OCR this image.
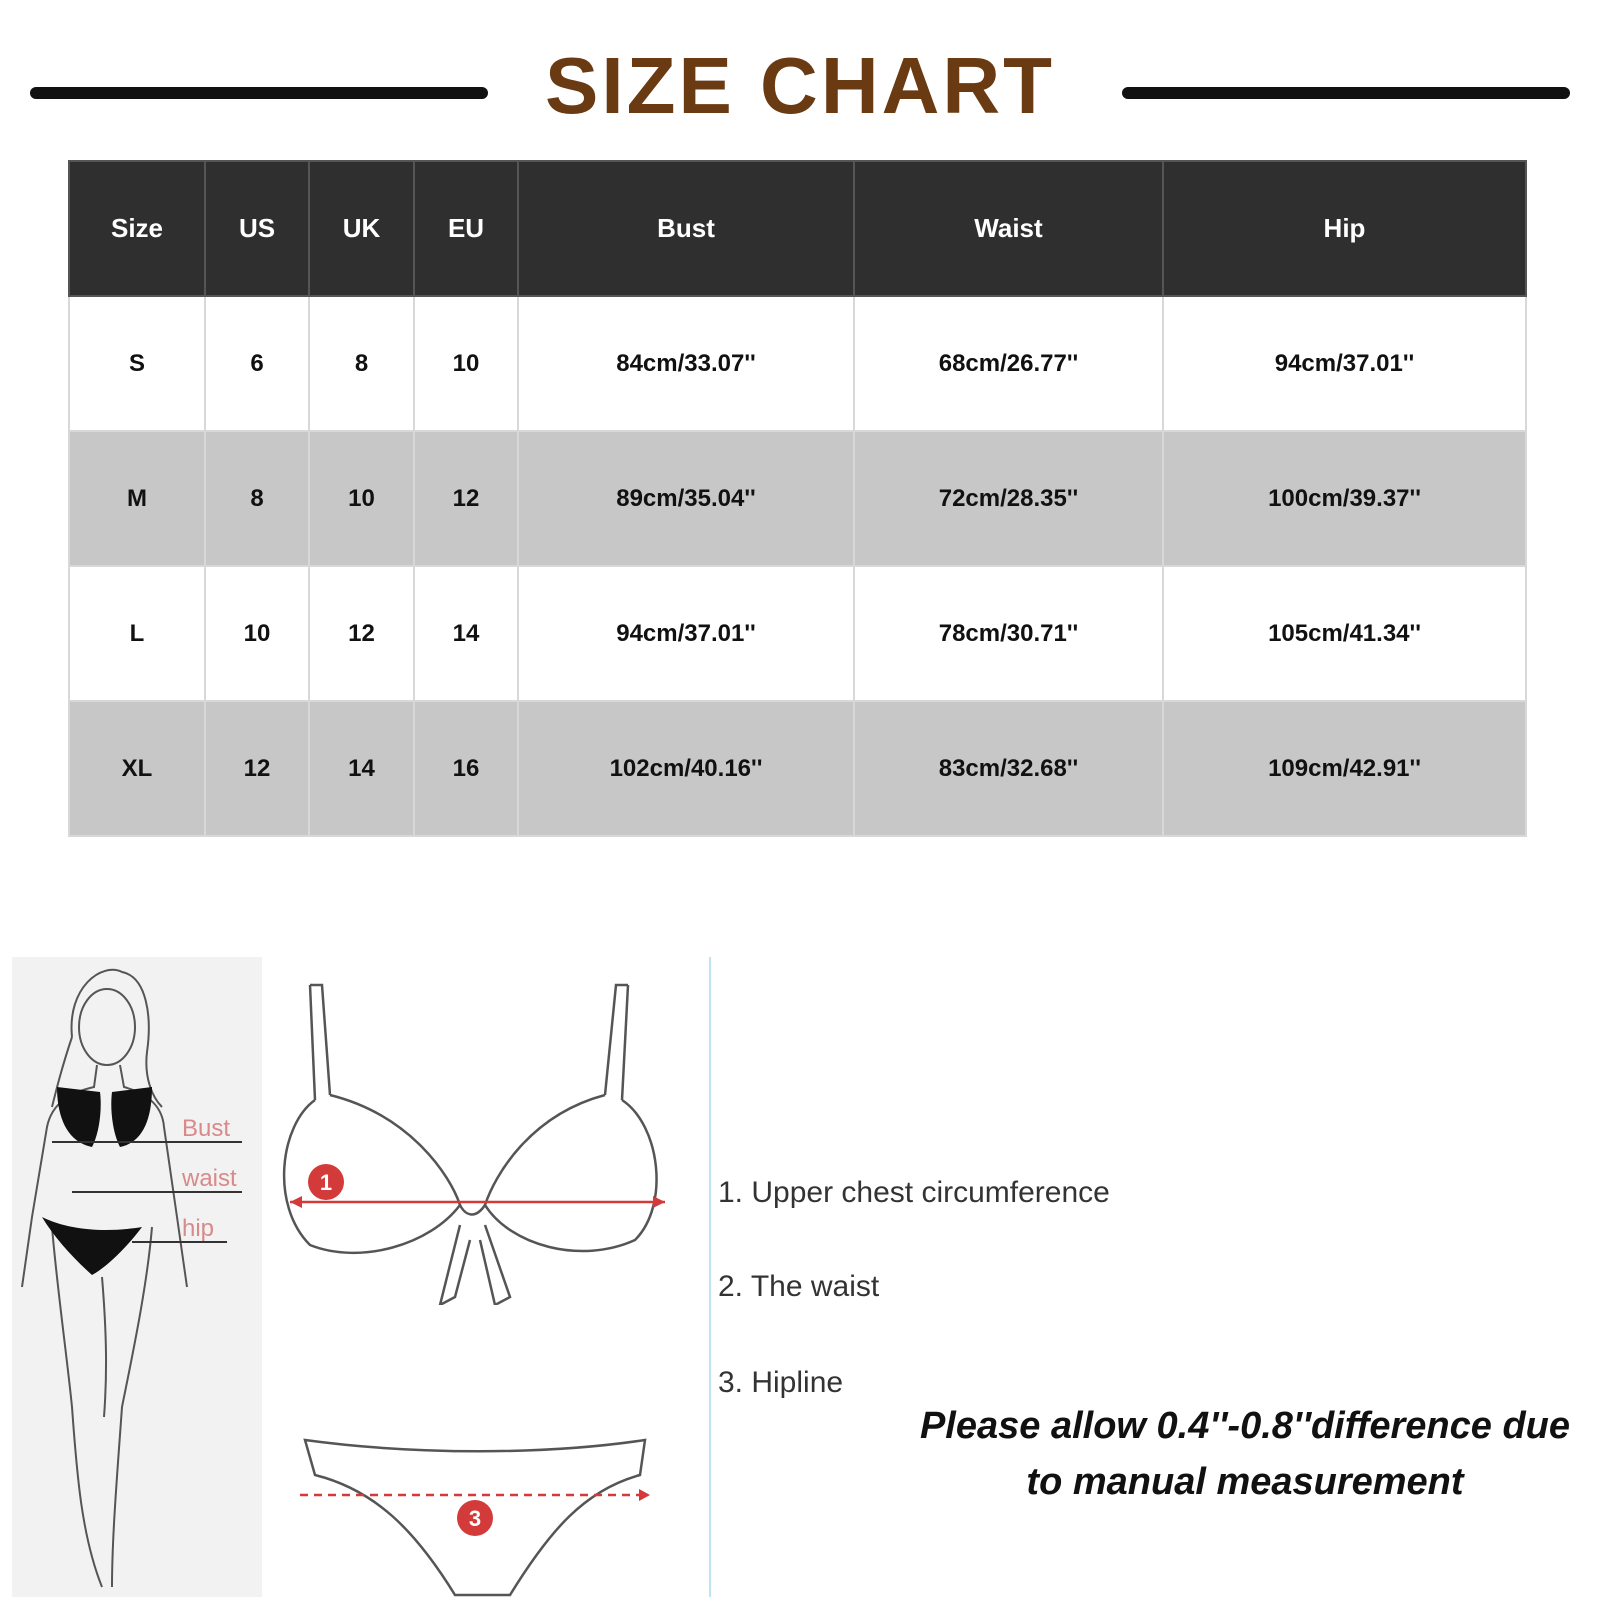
SIZE CHART
Size	US	UK	EU	Bust	Waist	Hip
S	6	8	10	84cm/33.07''	68cm/26.77''	94cm/37.01''
M	8	10	12	89cm/35.04''	72cm/28.35''	100cm/39.37''
L	10	12	14	94cm/37.01''	78cm/30.71''	105cm/41.34''
XL	12	14	16	102cm/40.16''	83cm/32.68''	109cm/42.91''
Bust
waist
hip
1
3
1. Upper chest circumference
2. The waist
3. Hipline
Please allow 0.4''-0.8''difference due
to manual measurement
